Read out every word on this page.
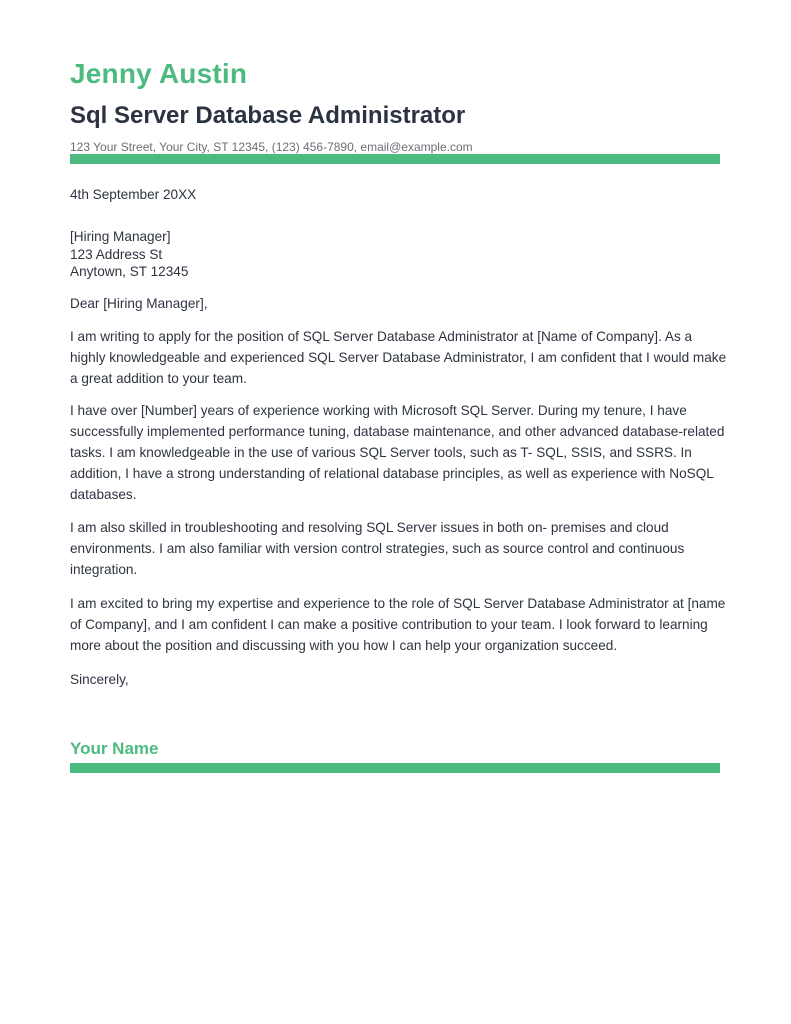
Jenny Austin
Sql Server Database Administrator
123 Your Street, Your City, ST 12345, (123) 456-7890, email@example.com
4th September 20XX
[Hiring Manager]
123 Address St
Anytown, ST 12345
Dear [Hiring Manager],

I am writing to apply for the position of SQL Server Database Administrator at [Name of Company]. As a highly knowledgeable and experienced SQL Server Database Administrator, I am confident that I would make a great addition to your team.

I have over [Number] years of experience working with Microsoft SQL Server. During my tenure, I have successfully implemented performance tuning, database maintenance, and other advanced database-related tasks. I am knowledgeable in the use of various SQL Server tools, such as T- SQL, SSIS, and SSRS. In addition, I have a strong understanding of relational database principles, as well as experience with NoSQL databases.

I am also skilled in troubleshooting and resolving SQL Server issues in both on- premises and cloud environments. I am also familiar with version control strategies, such as source control and continuous integration.

I am excited to bring my expertise and experience to the role of SQL Server Database Administrator at [name of Company], and I am confident I can make a positive contribution to your team. I look forward to learning more about the position and discussing with you how I can help your organization succeed.

Sincerely,
Your Name
